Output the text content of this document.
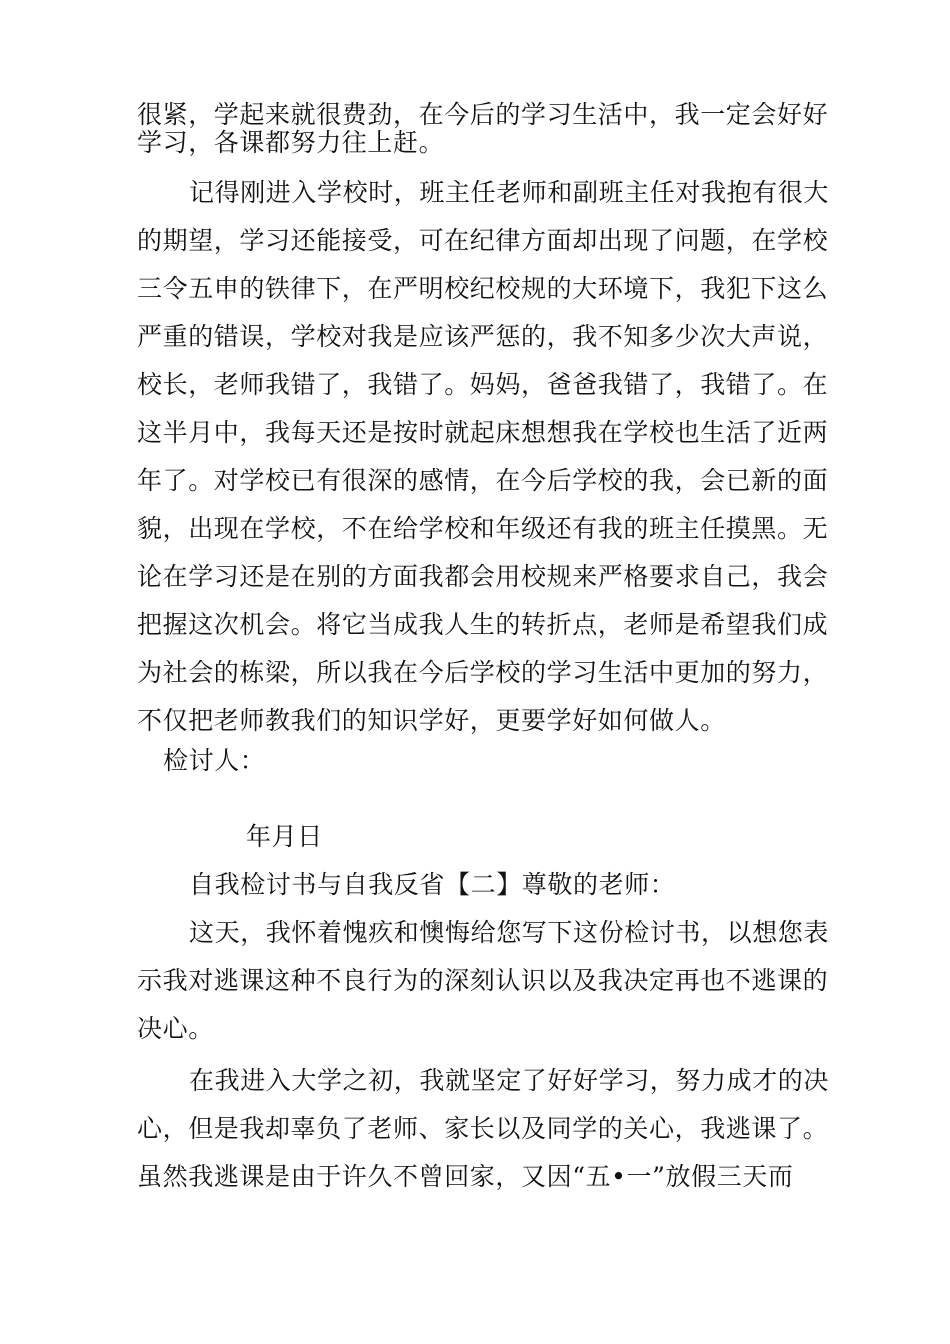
很紧，学起来就很费劲，在今后的学习生活中，我一定会好好
学习，各课都努力往上赶。
记得刚进入学校时，班主任老师和副班主任对我抱有很大
的期望，学习还能接受，可在纪律方面却出现了问题，在学校
三令五申的铁律下，在严明校纪校规的大环境下，我犯下这么
严重的错误，学校对我是应该严惩的，我不知多少次大声说，
校长，老师我错了，我错了。妈妈，爸爸我错了，我错了。在
这半月中，我每天还是按时就起床想想我在学校也生活了近两
年了。对学校已有很深的感情，在今后学校的我，会已新的面
貌，出现在学校，不在给学校和年级还有我的班主任摸黑。无
论在学习还是在别的方面我都会用校规来严格要求自己，我会
把握这次机会。将它当成我人生的转折点，老师是希望我们成
为社会的栋梁，所以我在今后学校的学习生活中更加的努力，
不仅把老师教我们的知识学好，更要学好如何做人。
检讨人：
年月日
自我检讨书与自我反省【二】尊敬的老师：
这天，我怀着愧疚和懊悔给您写下这份检讨书，以想您表
示我对逃课这种不良行为的深刻认识以及我决定再也不逃课的
决心。
在我进入大学之初，我就坚定了好好学习，努力成才的决
心，但是我却辜负了老师、家长以及同学的关心，我逃课了。
虽然我逃课是由于许久不曾回家，又因“五•一”放假三天而
